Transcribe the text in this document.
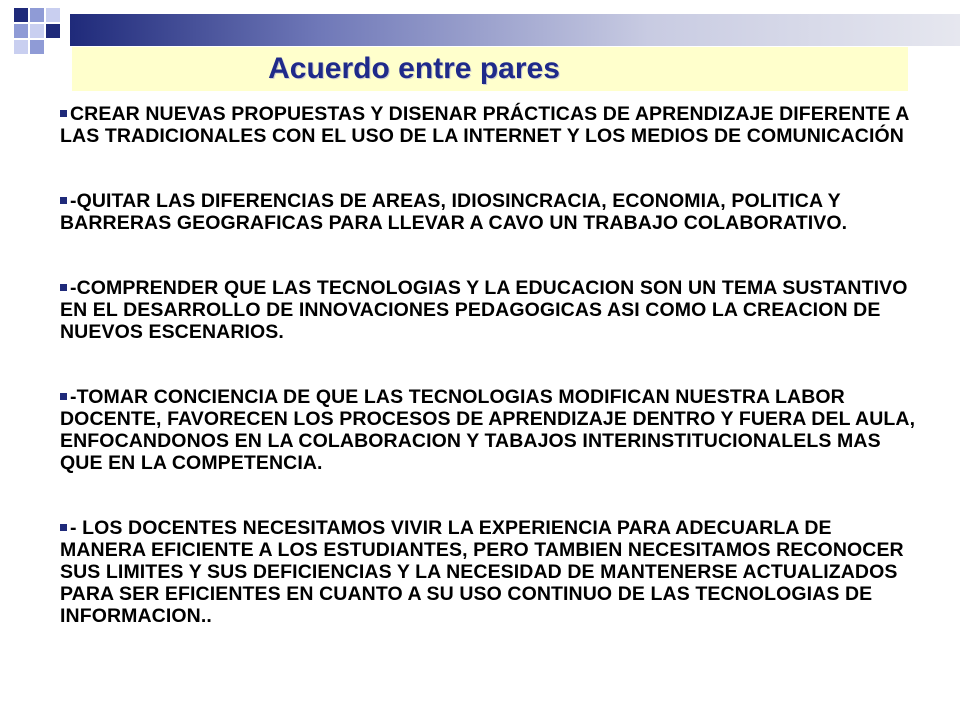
Acuerdo entre pares

CREAR NUEVAS PROPUESTAS Y DISENAR PRÁCTICAS DE APRENDIZAJE DIFERENTE A LAS TRADICIONALES CON EL USO DE LA INTERNET Y LOS MEDIOS DE COMUNICACIÓN

-QUITAR LAS DIFERENCIAS DE AREAS, IDIOSINCRACIA, ECONOMIA, POLITICA Y BARRERAS GEOGRAFICAS PARA LLEVAR A CAVO UN TRABAJO COLABORATIVO.

-COMPRENDER QUE LAS TECNOLOGIAS Y LA EDUCACION SON UN TEMA SUSTANTIVO EN EL DESARROLLO DE INNOVACIONES PEDAGOGICAS ASI COMO LA CREACION DE NUEVOS ESCENARIOS.

-TOMAR CONCIENCIA DE QUE LAS TECNOLOGIAS MODIFICAN NUESTRA LABOR DOCENTE, FAVORECEN LOS PROCESOS DE APRENDIZAJE DENTRO Y FUERA DEL AULA, ENFOCANDONOS EN LA COLABORACION Y TABAJOS INTERINSTITUCIONALELS MAS QUE EN LA COMPETENCIA.

- LOS DOCENTES NECESITAMOS VIVIR LA EXPERIENCIA PARA ADECUARLA DE MANERA EFICIENTE A LOS ESTUDIANTES, PERO TAMBIEN NECESITAMOS RECONOCER SUS LIMITES Y SUS DEFICIENCIAS Y LA NECESIDAD DE MANTENERSE ACTUALIZADOS PARA SER EFICIENTES EN CUANTO A SU USO CONTINUO DE LAS TECNOLOGIAS DE INFORMACION..
